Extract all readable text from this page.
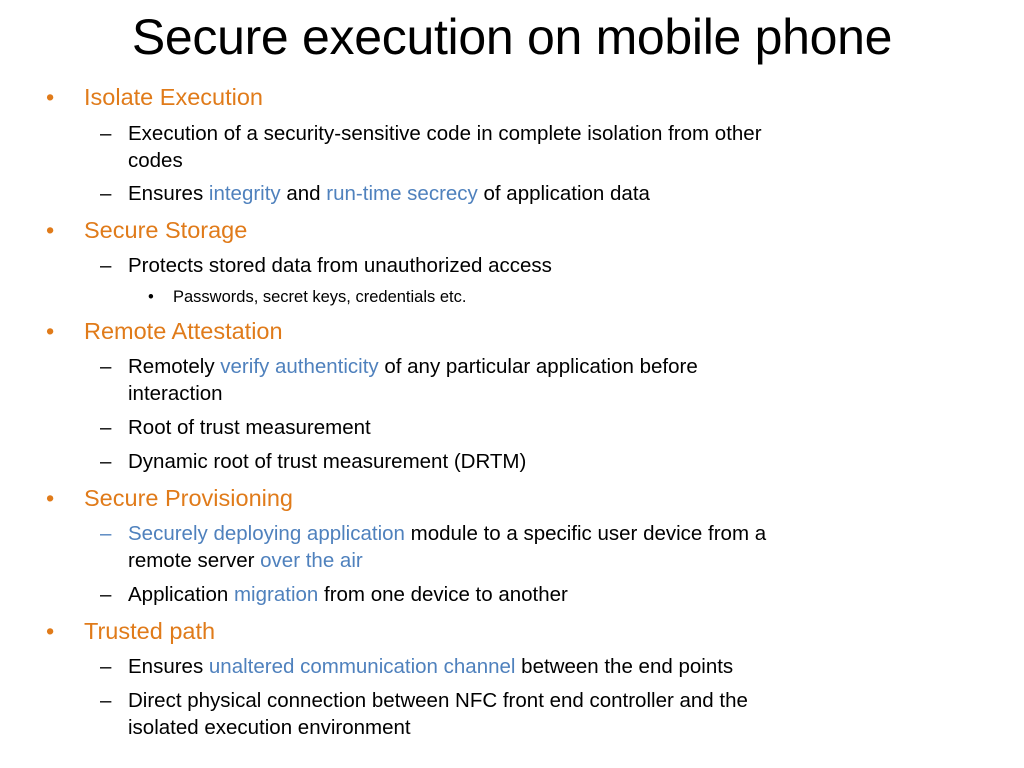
Secure execution on mobile phone
•	Isolate Execution
– Execution of a security-sensitive code in complete isolation from other
codes
– Ensures integrity and run-time secrecy of application data
•	Secure Storage
– Protects stored data from unauthorized access
•	Passwords, secret keys, credentials etc.
•	Remote Attestation
– Remotely verify authenticity of any particular application before
interaction
– Root of trust measurement
– Dynamic root of trust measurement (DRTM)
•	Secure Provisioning
– Securely deploying application module to a specific user device from a
remote server over the air
– Application migration from one device to another
•	Trusted path
– Ensures unaltered communication channel between the end points
– Direct physical connection between NFC front end controller and the
isolated execution environment
